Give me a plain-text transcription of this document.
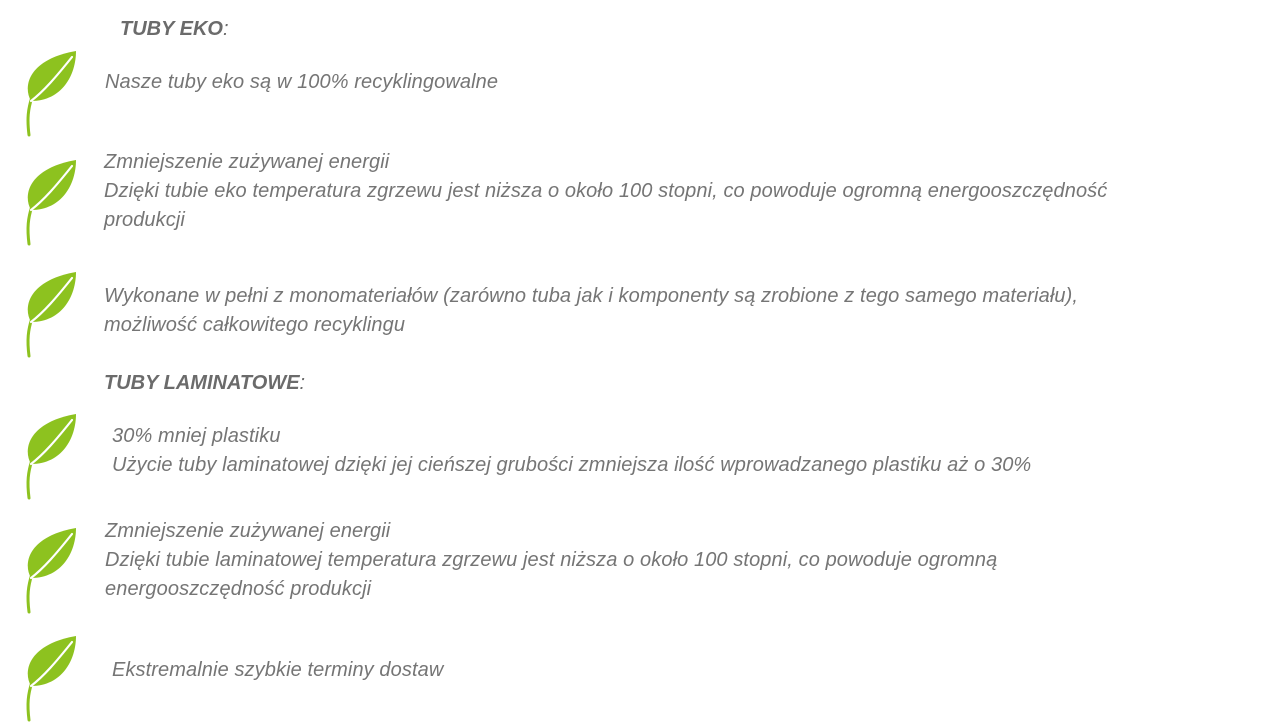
TUBY EKO:
Nasze tuby eko są w 100% recyklingowalne
Zmniejszenie zużywanej energii
Dzięki tubie eko temperatura zgrzewu jest niższa o około 100 stopni, co powoduje ogromną energooszczędność
produkcji
Wykonane w pełni z monomateriałów (zarówno tuba jak i komponenty są zrobione z tego samego materiału),
możliwość całkowitego recyklingu
TUBY LAMINATOWE:
30% mniej plastiku
Użycie tuby laminatowej dzięki jej cieńszej grubości zmniejsza ilość wprowadzanego plastiku aż o 30%
Zmniejszenie zużywanej energii
Dzięki tubie laminatowej temperatura zgrzewu jest niższa o około 100 stopni, co powoduje ogromną
energooszczędność produkcji
Ekstremalnie szybkie terminy dostaw
